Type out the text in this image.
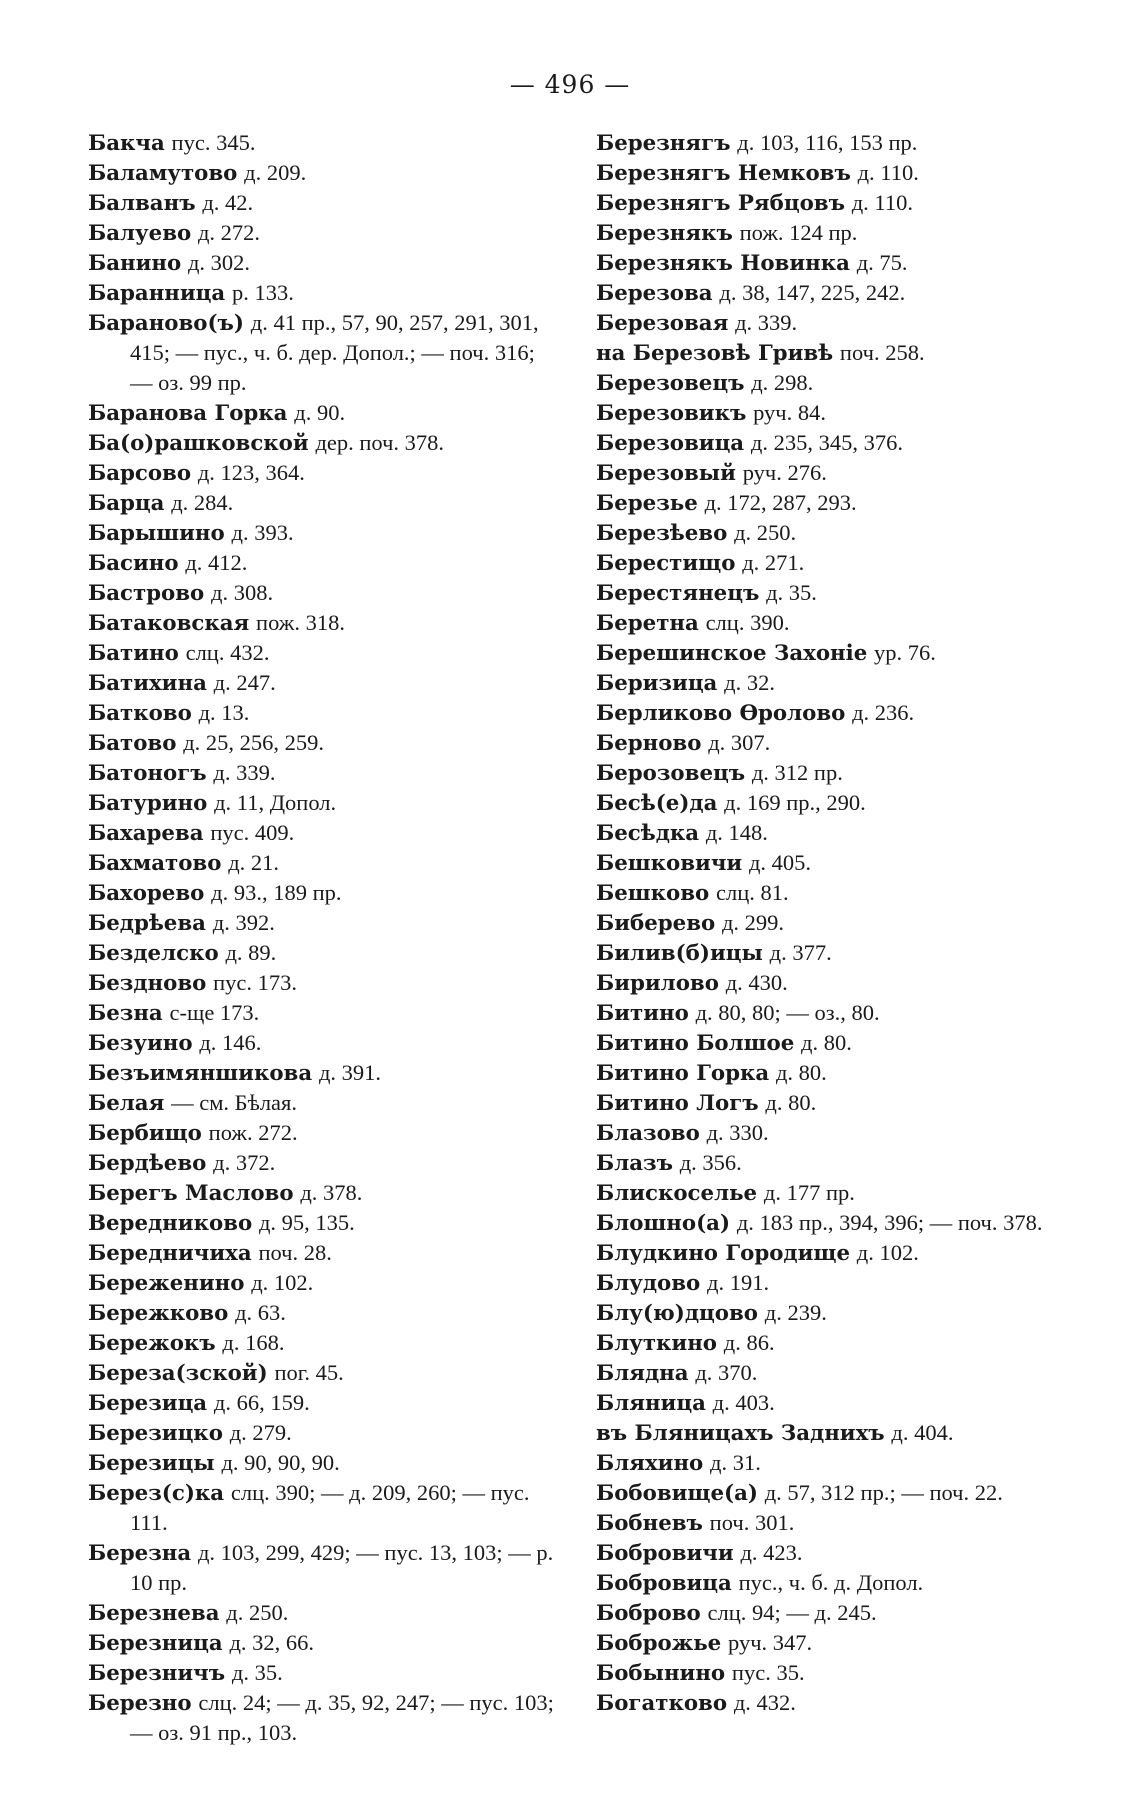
— 496 —

Бакча пус. 345.

Баламутово д. 209.

Балванъ д. 42.

Балуево д. 272.

Банино д. 302.

Баранница р. 133.

Бараново(ъ) д. 41 пр., 57, 90, 257, 291, 301, 415; — пус., ч. б. дер. Допол.; — поч. 316; — оз. 99 пр.

Баранова Горка д. 90.

Ба(о)рашковской дер. поч. 378.

Барсово д. 123, 364.

Барца д. 284.

Барышино д. 393.

Басино д. 412.

Бастрово д. 308.

Батаковская пож. 318.

Батино слц. 432.

Батихина д. 247.

Батково д. 13.

Батово д. 25, 256, 259.

Батоногъ д. 339.

Батурино д. 11, Допол.

Бахарева пус. 409.

Бахматово д. 21.

Бахорево д. 93., 189 пр.

Бедрѣева д. 392.

Безделско д. 89.

Бездново пус. 173.

Безна с-ще 173.

Безуино д. 146.

Безъимяншикова д. 391.

Белая — см. Бѣлая.

Бербищо пож. 272.

Бердѣево д. 372.

Берегъ Маслово д. 378.

Beредниково д. 95, 135.

Бередничиха поч. 28.

Береженино д. 102.

Бережково д. 63.

Бережокъ д. 168.

Береза(зской) пог. 45.

Березица д. 66, 159.

Березицко д. 279.

Березицы д. 90, 90, 90.

Берез(с)ка слц. 390; — д. 209, 260; — пус. 111.

Березна д. 103, 299, 429; — пус. 13, 103; — р. 10 пр.

Березнева д. 250.

Березница д. 32, 66.

Березничъ д. 35.

Березно слц. 24; — д. 35, 92, 247; — пус. 103; — оз. 91 пр., 103.

Березнягъ д. 103, 116, 153 пр.

Березнягъ Немковъ д. 110.

Березнягъ Рябцовъ д. 110.

Березнякъ пож. 124 пр.

Березнякъ Новинка д. 75.

Березова д. 38, 147, 225, 242.

Березовая д. 339.

на Березовѣ Гривѣ поч. 258.

Березовецъ д. 298.

Березовикъ руч. 84.

Березовица д. 235, 345, 376.

Березовый руч. 276.

Березье д. 172, 287, 293.

Березѣево д. 250.

Берестищо д. 271.

Берестянецъ д. 35.

Беретна слц. 390.

Берешинское Захоніе ур. 76.

Беризица д. 32.

Берликово Ѳролово д. 236.

Берново д. 307.

Берозовецъ д. 312 пр.

Бесѣ(е)да д. 169 пр., 290.

Бесѣдка д. 148.

Бешковичи д. 405.

Бешково слц. 81.

Биберево д. 299.

Билив(б)ицы д. 377.

Бирилово д. 430.

Битино д. 80, 80; — оз., 80.

Битино Болшое д. 80.

Битино Горка д. 80.

Битино Логъ д. 80.

Блазово д. 330.

Блазъ д. 356.

Блискоселье д. 177 пр.

Блошно(а) д. 183 пр., 394, 396; — поч. 378.

Блудкино Городище д. 102.

Блудово д. 191.

Блу(ю)дцово д. 239.

Блуткино д. 86.

Блядна д. 370.

Бляница д. 403.

въ Бляницахъ Заднихъ д. 404.

Бляхино д. 31.

Бобовище(а) д. 57, 312 пр.; — поч. 22.

Бобневъ поч. 301.

Бобровичи д. 423.

Бобровица пус., ч. б. д. Допол.

Боброво слц. 94; — д. 245.

Боброжье руч. 347.

Бобынино пус. 35.

Богатково д. 432.
